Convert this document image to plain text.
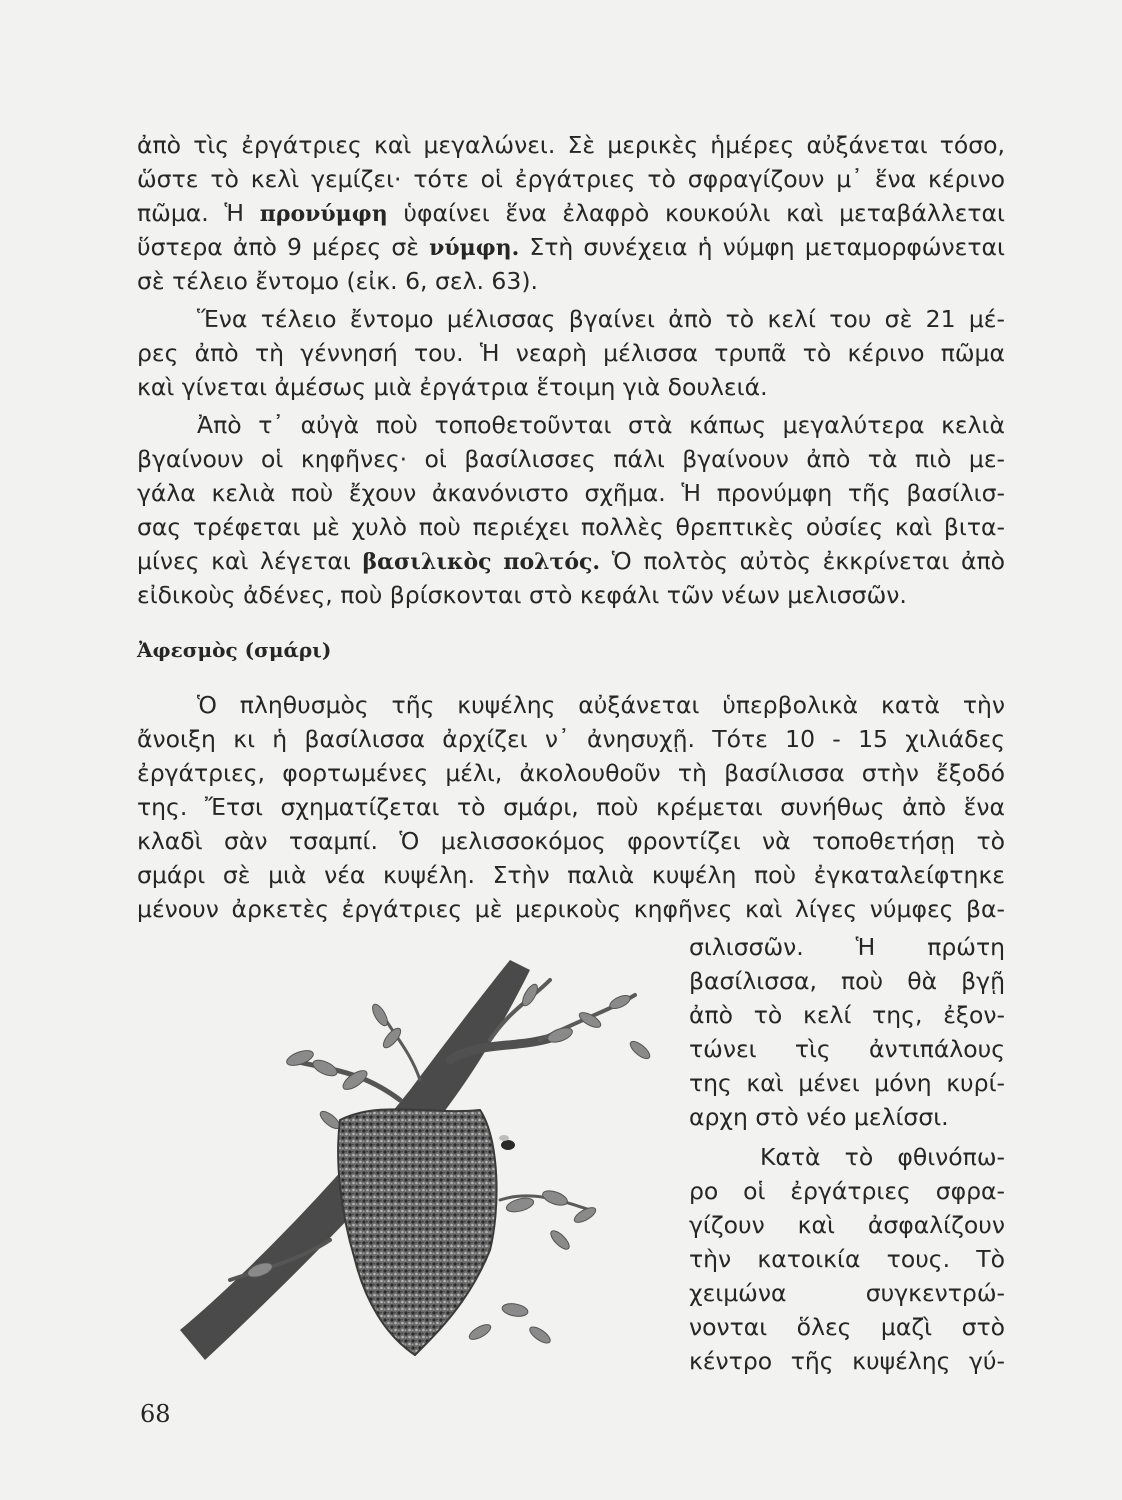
ἀπὸ τὶς ἐργάτριες καὶ μεγαλώνει. Σὲ μερικὲς ἡμέρες αὐξάνεται τόσο,
ὥστε τὸ κελὶ γεμίζει· τότε οἱ ἐργάτριες τὸ σφραγίζουν μ᾿ ἕνα κέρινο
πῶμα. Ἡ προνύμφη ὑφαίνει ἕνα ἐλαφρὸ κουκούλι καὶ μεταβάλλεται
ὕστερα ἀπὸ 9 μέρες σὲ νύμφη. Στὴ συνέχεια ἡ νύμφη μεταμορφώνεται
σὲ τέλειο ἔντομο (εἰκ. 6, σελ. 63).
Ἕνα τέλειο ἔντομο μέλισσας βγαίνει ἀπὸ τὸ κελί του σὲ 21 μέ-
ρες ἀπὸ τὴ γέννησή του. Ἡ νεαρὴ μέλισσα τρυπᾶ τὸ κέρινο πῶμα
καὶ γίνεται ἀμέσως μιὰ ἐργάτρια ἕτοιμη γιὰ δουλειά.
Ἀπὸ τ᾿ αὐγὰ ποὺ τοποθετοῦνται στὰ κάπως μεγαλύτερα κελιὰ
βγαίνουν οἱ κηφῆνες· οἱ βασίλισσες πάλι βγαίνουν ἀπὸ τὰ πιὸ με-
γάλα κελιὰ ποὺ ἔχουν ἀκανόνιστο σχῆμα. Ἡ προνύμφη τῆς βασίλισ-
σας τρέφεται μὲ χυλὸ ποὺ περιέχει πολλὲς θρεπτικὲς οὐσίες καὶ βιτα-
μίνες καὶ λέγεται βασιλικὸς πολτός. Ὁ πολτὸς αὐτὸς ἐκκρίνεται ἀπὸ
εἰδικοὺς ἀδένες, ποὺ βρίσκονται στὸ κεφάλι τῶν νέων μελισσῶν.
Ἀφεσμὸς (σμάρι)
Ὁ πληθυσμὸς τῆς κυψέλης αὐξάνεται ὑπερβολικὰ κατὰ τὴν
ἄνοιξη κι ἡ βασίλισσα ἀρχίζει ν᾿ ἀνησυχῇ. Τότε 10 - 15 χιλιάδες
ἐργάτριες, φορτωμένες μέλι, ἀκολουθοῦν τὴ βασίλισσα στὴν ἔξοδό
της. Ἔτσι σχηματίζεται τὸ σμάρι, ποὺ κρέμεται συνήθως ἀπὸ ἕνα
κλαδὶ σὰν τσαμπί. Ὁ μελισσοκόμος φροντίζει νὰ τοποθετήσῃ τὸ
σμάρι σὲ μιὰ νέα κυψέλη. Στὴν παλιὰ κυψέλη ποὺ ἐγκαταλείφτηκε
μένουν ἀρκετὲς ἐργάτριες μὲ μερικοὺς κηφῆνες καὶ λίγες νύμφες βα-
σιλισσῶν. Ἡ πρώτη
βασίλισσα, ποὺ θὰ βγῇ
ἀπὸ τὸ κελί της, ἐξον-
τώνει τὶς ἀντιπάλους
της καὶ μένει μόνη κυρί-
αρχη στὸ νέο μελίσσι.
Κατὰ τὸ φθινόπω-
ρο οἱ ἐργάτριες σφρα-
γίζουν καὶ ἀσφαλίζουν
τὴν κατοικία τους. Τὸ
χειμώνα συγκεντρώ-
νονται ὅλες μαζὶ στὸ
κέντρο τῆς κυψέλης γύ-
68
